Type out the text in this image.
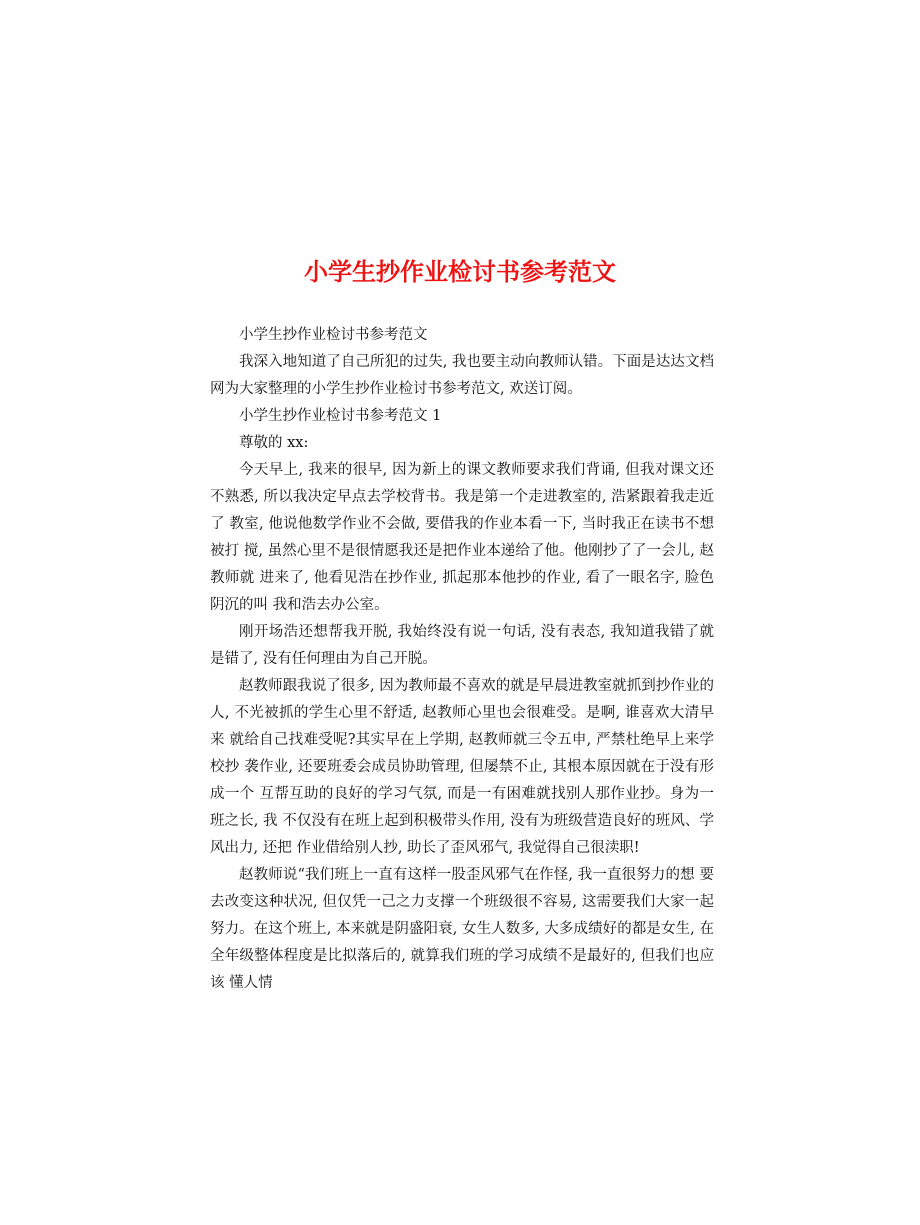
小学生抄作业检讨书参考范文

小学生抄作业检讨书参考范文

我深入地知道了自己所犯的过失, 我也要主动向教师认错。下面是达达文档 网为大家整理的小学生抄作业检讨书参考范文, 欢送订阅。

小学生抄作业检讨书参考范文 1

尊敬的 xx:

今天早上, 我来的很早, 因为新上的课文教师要求我们背诵, 但我对课文还 不熟悉, 所以我决定早点去学校背书。我是第一个走进教室的, 浩紧跟着我走近了 教室, 他说他数学作业不会做, 要借我的作业本看一下, 当时我正在读书不想被打 搅, 虽然心里不是很情愿我还是把作业本递给了他。他刚抄了了一会儿, 赵教师就 进来了, 他看见浩在抄作业, 抓起那本他抄的作业, 看了一眼名字, 脸色阴沉的叫 我和浩去办公室。

刚开场浩还想帮我开脱, 我始终没有说一句话, 没有表态, 我知道我错了就 是错了, 没有任何理由为自己开脱。

赵教师跟我说了很多, 因为教师最不喜欢的就是早晨进教室就抓到抄作业的人, 不光被抓的学生心里不舒适, 赵教师心里也会很难受。是啊, 谁喜欢大清早来 就给自己找难受呢?其实早在上学期, 赵教师就三令五申, 严禁杜绝早上来学校抄 袭作业, 还要班委会成员协助管理, 但屡禁不止, 其根本原因就在于没有形成一个 互帮互助的良好的学习气氛, 而是一有困难就找别人那作业抄。身为一班之长, 我 不仅没有在班上起到积极带头作用, 没有为班级营造良好的班风、学风出力, 还把 作业借给别人抄, 助长了歪风邪气, 我觉得自己很渎职!

赵教师说“我们班上一直有这样一股歪风邪气在作怪, 我一直很努力的想 要去改变这种状况, 但仅凭一己之力支撑一个班级很不容易, 这需要我们大家一起 努力。在这个班上, 本来就是阴盛阳衰, 女生人数多, 大多成绩好的都是女生, 在 全年级整体程度是比拟落后的, 就算我们班的学习成绩不是最好的, 但我们也应该 懂人情
